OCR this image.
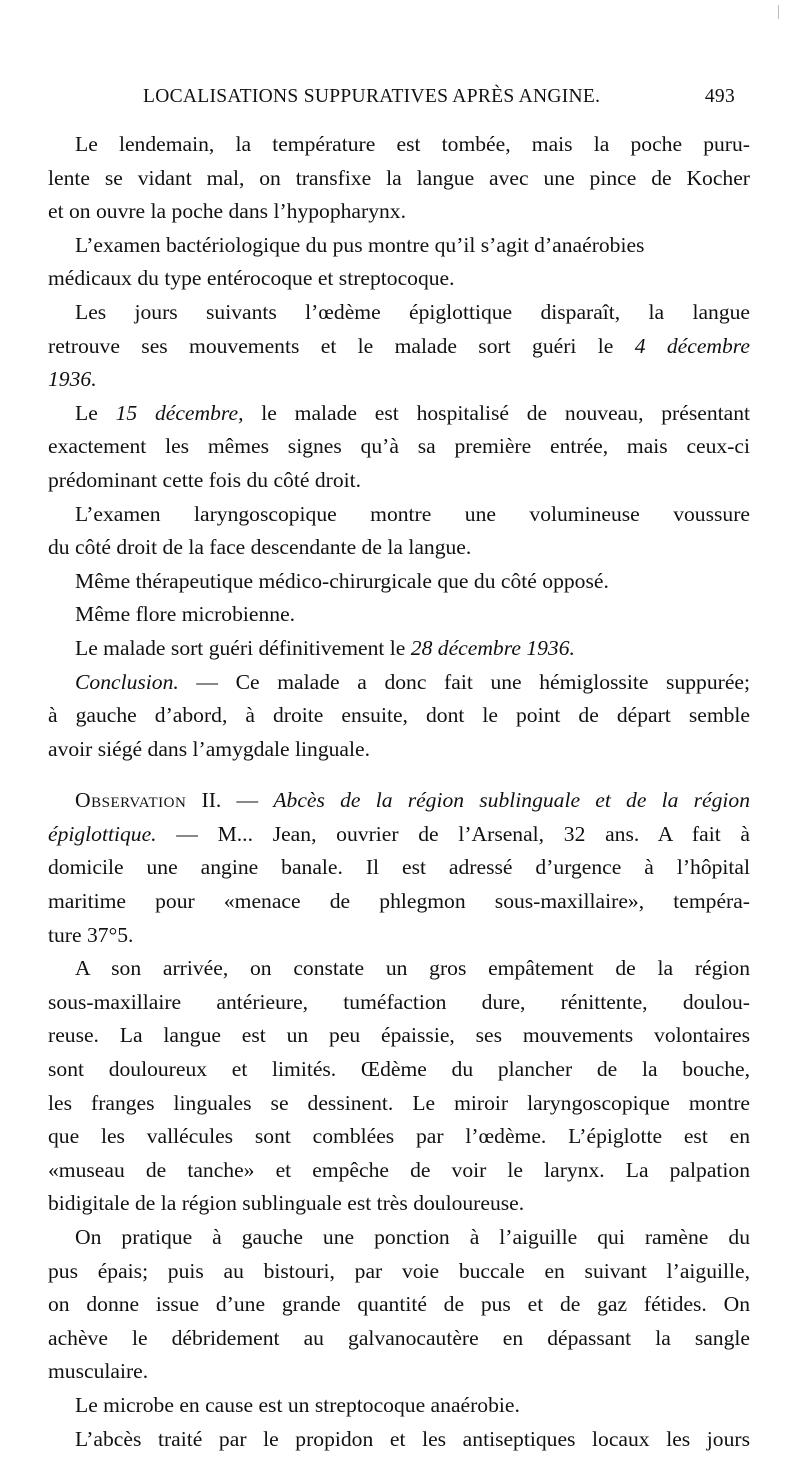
LOCALISATIONS SUPPURATIVES APRÈS ANGINE.	493
Le lendemain, la température est tombée, mais la poche puru-
lente se vidant mal, on transfixe la langue avec une pince de Kocher
et on ouvre la poche dans l’hypopharynx.
L’examen bactériologique du pus montre qu’il s’agit d’anaérobies
médicaux du type entérocoque et streptocoque.
Les jours suivants l’œdème épiglottique disparaît, la langue
retrouve ses mouvements et le malade sort guéri le 4 décembre
1936.
Le 15 décembre, le malade est hospitalisé de nouveau, présentant
exactement les mêmes signes qu’à sa première entrée, mais ceux-ci
prédominant cette fois du côté droit.
L’examen laryngoscopique montre une volumineuse voussure
du côté droit de la face descendante de la langue.
Même thérapeutique médico-chirurgicale que du côté opposé.
Même flore microbienne.
Le malade sort guéri définitivement le 28 décembre 1936.
Conclusion. — Ce malade a donc fait une hémiglossite suppurée;
à gauche d’abord, à droite ensuite, dont le point de départ semble
avoir siégé dans l’amygdale linguale.
Observation II. — Abcès de la région sublinguale et de la région
épiglottique. — M... Jean, ouvrier de l’Arsenal, 32 ans. A fait à
domicile une angine banale. Il est adressé d’urgence à l’hôpital
maritime pour «menace de phlegmon sous-maxillaire», tempéra-
ture 37°5.
A son arrivée, on constate un gros empâtement de la région
sous-maxillaire antérieure, tuméfaction dure, rénittente, doulou-
reuse. La langue est un peu épaissie, ses mouvements volontaires
sont douloureux et limités. Œdème du plancher de la bouche,
les franges linguales se dessinent. Le miroir laryngoscopique montre
que les vallécules sont comblées par l’œdème. L’épiglotte est en
«museau de tanche» et empêche de voir le larynx. La palpation
bidigitale de la région sublinguale est très douloureuse.
On pratique à gauche une ponction à l’aiguille qui ramène du
pus épais; puis au bistouri, par voie buccale en suivant l’aiguille,
on donne issue d’une grande quantité de pus et de gaz fétides. On
achève le débridement au galvanocautère en dépassant la sangle
musculaire.
Le microbe en cause est un streptocoque anaérobie.
L’abcès traité par le propidon et les antiseptiques locaux les jours
